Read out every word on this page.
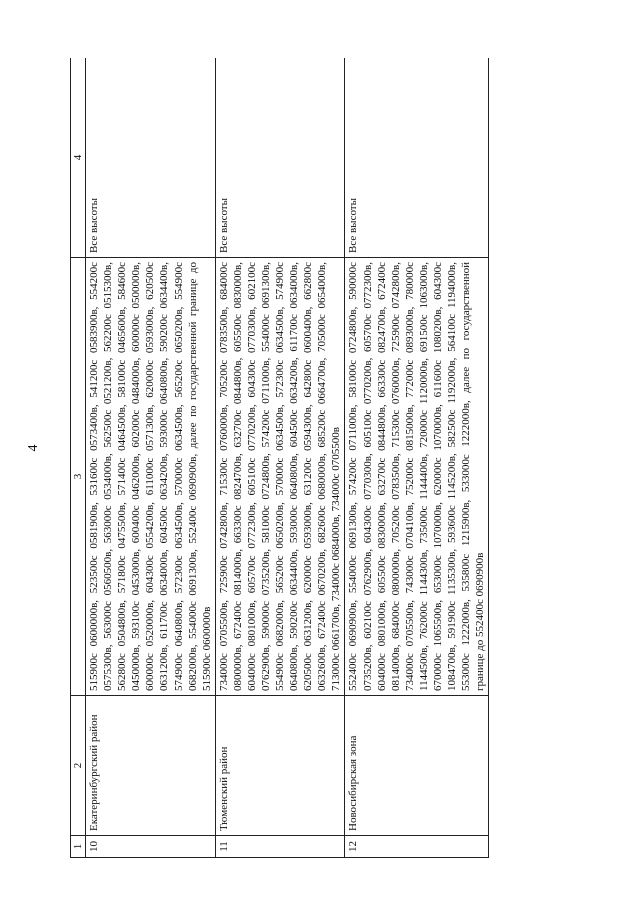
4
1	2	3	4
10	Екатеринбургский район	515900с 0600000в, 523500с 0581900в, 531600с 0573400в, 541200с 0583900в, 554200с 0575300в, 563000с 0560500в, 563000с 0534000в, 562500с 0521200в, 562200с 0515300в, 562800с 0504800в, 571800с 0475500в, 571400с 0464500в, 581000с 0465600в, 584600с 0450000в, 593100с 0453000в, 600400с 0462000в, 602000с 0484000в, 600000с 0500000в, 600000с 0520000в, 604300с 0554200в, 611000с 0571300в, 620000с 0593000в, 620500с 0631200в, 611700с 0634000в, 604500с 0634200в, 593000с 0640800в, 590200с 0634400в, 574900с 0640800в, 572300с 0634500в, 570000с 0634500в, 565200с 0650200в, 554900с 0682000в, 554000с 0691300в, 552400с 0690900в, далее по государственной границе до 515900с 0600000в	Все высоты
11	Тюменский район	734000с 0705500в, 725900с 0742800в, 715300с 0760000в, 705200с 0783500в, 684000с 0800000в, 672400с 0814000в, 663300с 0824700в, 632700с 0844800в, 605500с 0830000в, 604000с 0801000в, 605700с 0772300в, 605100с 0770200в, 604300с 0770300в, 602100с 0762900в, 590000с 0735200в, 581000с 0724800в, 574200с 0711000в, 554000с 0691300в, 554900с 0682000в, 565200с 0650200в, 570000с 0634500в, 572300с 0634500в, 574900с 0640800в, 590200с 0634400в, 593000с 0640800в, 604500с 0634200в, 611700с 0634000в, 620500с 0631200в, 620000с 0593000в, 631200с 0594300в, 642800с 0600400в, 662800с 0632600в, 672400с 0670200в, 682600с 0680000в, 685200с 0664700в, 705000с 0654000в, 713000с 0661700в, 734000с 0684000в, 734000с 0705500в	Все высоты
12	Новосибирская зона	552400с 0690900в, 554000с 0691300в, 574200с 0711000в, 581000с 0724800в, 590000с 0735200в, 602100с 0762900в, 604300с 0770300в, 605100с 0770200в, 605700с 0772300в, 604000с 0801000в, 605500с 0830000в, 632700с 0844800в, 663300с 0824700в, 672400с 0814000в, 684000с 0800000в, 705200с 0783500в, 715300с 0760000в, 725900с 0742800в, 734000с 0705500в, 743000с 0704100в, 752000с 0815000в, 772000с 0893000в, 780000с 1144500в, 762000с 1144300в, 735000с 1144400в, 720000с 1120000в, 691500с 1063000в, 670000с 1065500в, 653000с 1070000в, 620000с 1070000в, 611600с 1080200в, 604300с 1084700в, 591900с 1135300в, 593600с 1145200в, 582500с 1192000в, 564100с 1194000в, 553000с 1222000в, 535800с 1215900в, 533000с 1222000в, далее по государственной границе до 552400с 0690900в	Все высоты
